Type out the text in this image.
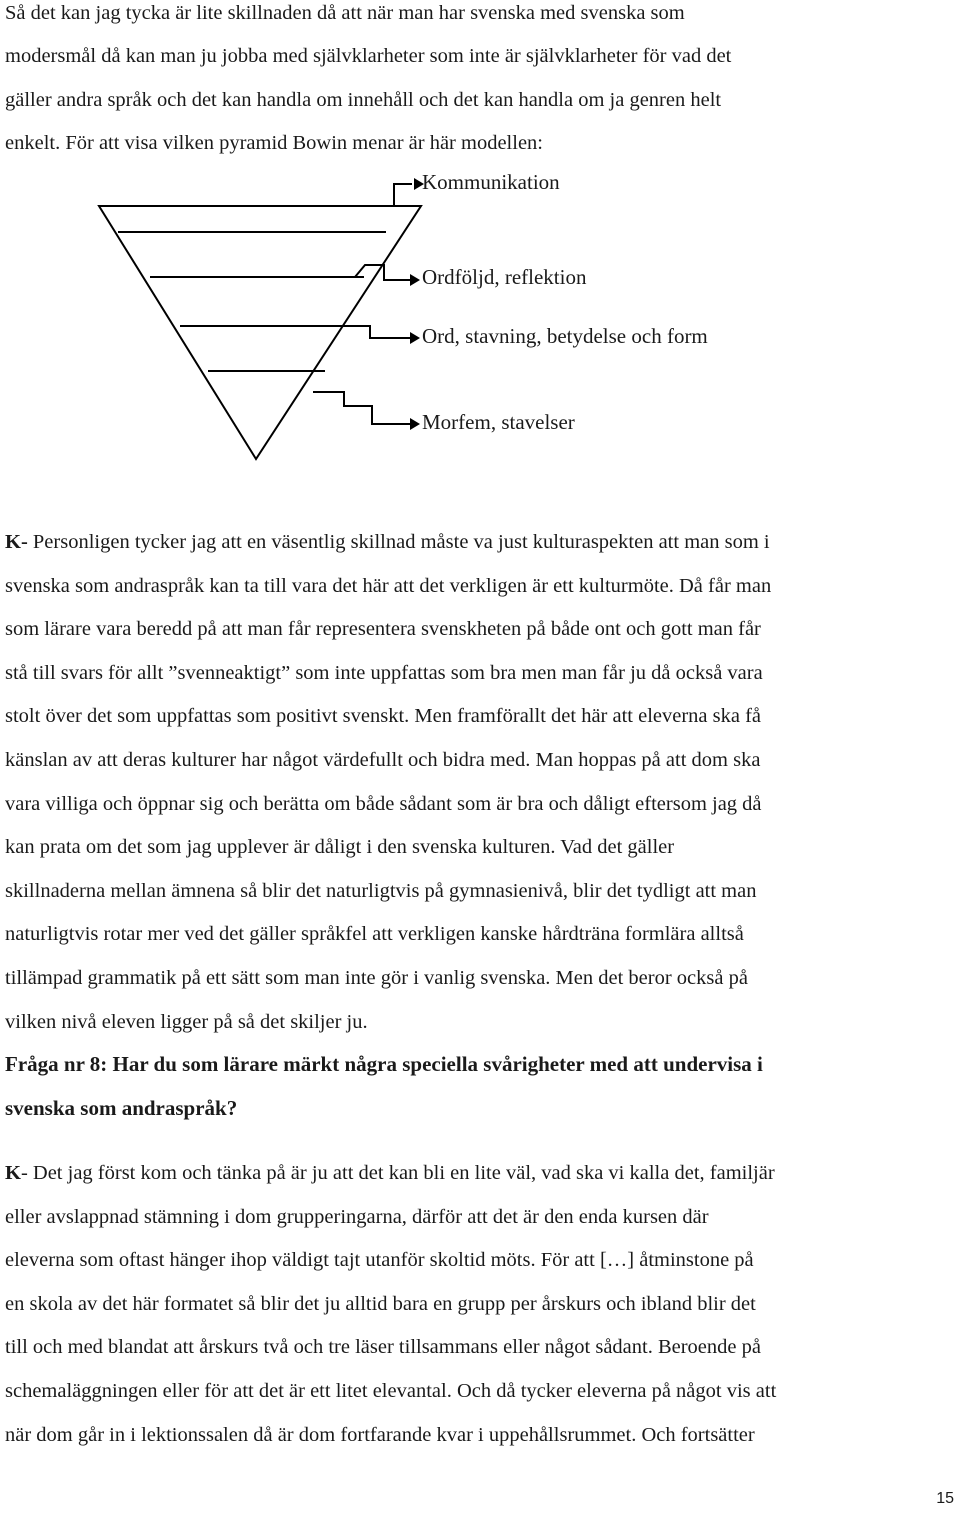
Så det kan jag tycka är lite skillnaden då att när man har svenska med svenska som
modersmål då kan man ju jobba med självklarheter som inte är självklarheter för vad det
gäller andra språk och det kan handla om innehåll och det kan handla om ja genren helt
enkelt. För att visa vilken pyramid Bowin menar är här modellen:
Kommunikation
Ordföljd, reflektion
Ord, stavning, betydelse och form
Morfem, stavelser
K- Personligen tycker jag att en väsentlig skillnad måste va just kulturaspekten att man som i
svenska som andraspråk kan ta till vara det här att det verkligen är ett kulturmöte. Då får man
som lärare vara beredd på att man får representera svenskheten på både ont och gott man får
stå till svars för allt ”svenneaktigt” som inte uppfattas som bra men man får ju då också vara
stolt över det som uppfattas som positivt svenskt. Men framförallt det här att eleverna ska få
känslan av att deras kulturer har något värdefullt och bidra med. Man hoppas på att dom ska
vara villiga och öppnar sig och berätta om både sådant som är bra och dåligt eftersom jag då
kan prata om det som jag upplever är dåligt i den svenska kulturen. Vad det gäller
skillnaderna mellan ämnena så blir det naturligtvis på gymnasienivå, blir det tydligt att man
naturligtvis rotar mer ved det gäller språkfel att verkligen kanske hårdträna formlära alltså
tillämpad grammatik på ett sätt som man inte gör i vanlig svenska. Men det beror också på
vilken nivå eleven ligger på så det skiljer ju.
Fråga nr 8: Har du som lärare märkt några speciella svårigheter med att undervisa i
svenska som andraspråk?
K- Det jag först kom och tänka på är ju att det kan bli en lite väl, vad ska vi kalla det, familjär
eller avslappnad stämning i dom grupperingarna, därför att det är den enda kursen där
eleverna som oftast hänger ihop väldigt tajt utanför skoltid möts. För att […] åtminstone på
en skola av det här formatet så blir det ju alltid bara en grupp per årskurs och ibland blir det
till och med blandat att årskurs två och tre läser tillsammans eller något sådant. Beroende på
schemaläggningen eller för att det är ett litet elevantal. Och då tycker eleverna på något vis att
när dom går in i lektionssalen då är dom fortfarande kvar i uppehållsrummet. Och fortsätter
15
